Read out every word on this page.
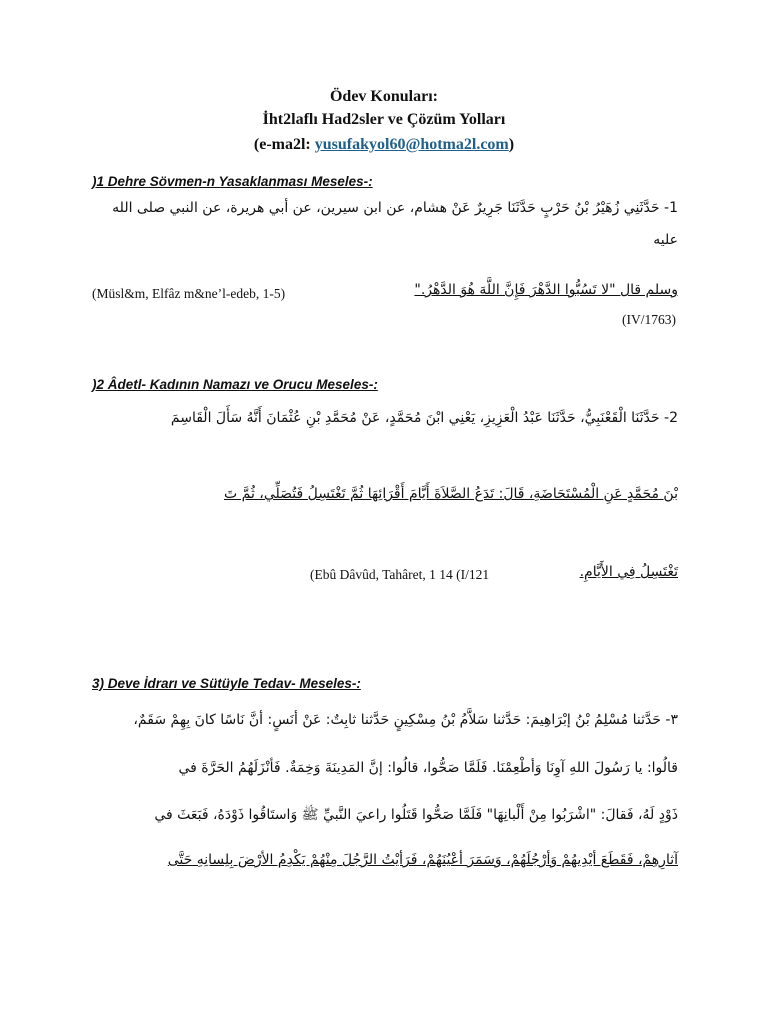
Ödev Konuları:
İht2laflı Had2sler ve Çözüm Yolları
(e-ma2l: yusufakyol60@hotma2l.com)
)1 Dehre Sövmen-n Yasaklanması Meseles-:
1- حَدَّثَنِي زُهَيْرُ بْنُ حَرْبٍ حَدَّثَنَا جَرِيرٌ عَنْ هشام، عن ابن سيرين، عن أبي هريرة، عن النبي صلى الله
عليه
وسلم قال "لا تَسُبُّوا الدَّهْرَ فَإِنَّ اللَّهَ هُوَ الدَّهْرُ."
(Müsl&m, Elfâz m&ne’l-edeb, 1-5)
(IV/1763)
)2 Âdetl- Kadının Namazı ve Orucu Meseles-:
2- حَدَّثَنَا الْقَعْنَبِيُّ، حَدَّثَنَا عَبْدُ الْعَزِيزِ، يَعْنِي ابْنَ مُحَمَّدٍ، عَنْ مُحَمَّدِ بْنِ عُثْمَانَ أَنَّهُ سَأَلَ الْقَاسِمَ
بْنَ مُحَمَّدٍ عَنِ الْمُسْتَحَاضَةِ، قَالَ: تَدَعُ الصَّلاَةَ أَيَّامَ أَقْرَائِهَا ثُمَّ تَغْتَسِلُ فَتُصَلِّي، ثُمَّ تَ
تَغْتَسِلُ فِي الأَيَّامِ.
(Ebû Dâvûd, Tahâret, 1 14 (I/121
3) Deve İdrarı ve Sütüyle Tedav- Meseles-:
٣- حَدَّثنا مُسْلِمُ بْنُ إبْرَاهِيمَ: حَدَّثنا سَلاَّمُ بْنُ مِسْكِينٍ حَدَّثنا ثابِتٌ: عَنْ أنَسٍ: أنَّ نَاسًا كانَ بِهِمْ سَقَمٌ،
قالُوا: يا رَسُولَ اللهِ آوِنَا وَأطْعِمْنَا. فَلَمَّا صَحُّوا، قالُوا: إنَّ المَدِينَةَ وَخِمَةٌ. فَأنْزَلَهُمُ الحَرَّةَ في
ذَوْدٍ لَهُ، فَقالَ: "اشْرَبُوا مِنْ أَلْبانِهَا" فَلَمَّا صَحُّوا قَتَلُوا راعيَ النَّبيِّ ﷺ وَاستَاقُوا ذَوْدَهُ، فَبَعَثَ في
آثارِهِمْ، فَقَطَعَ أيْدِيهُمْ وَأرْجُلَهُمْ، وَسَمَرَ أعْيُنَهُمْ، فَرَأيْتُ الرَّجُلَ مِنْهُمْ يَكْدِمُ الأرْضَ بِلِسانِهِ حَتَّى
